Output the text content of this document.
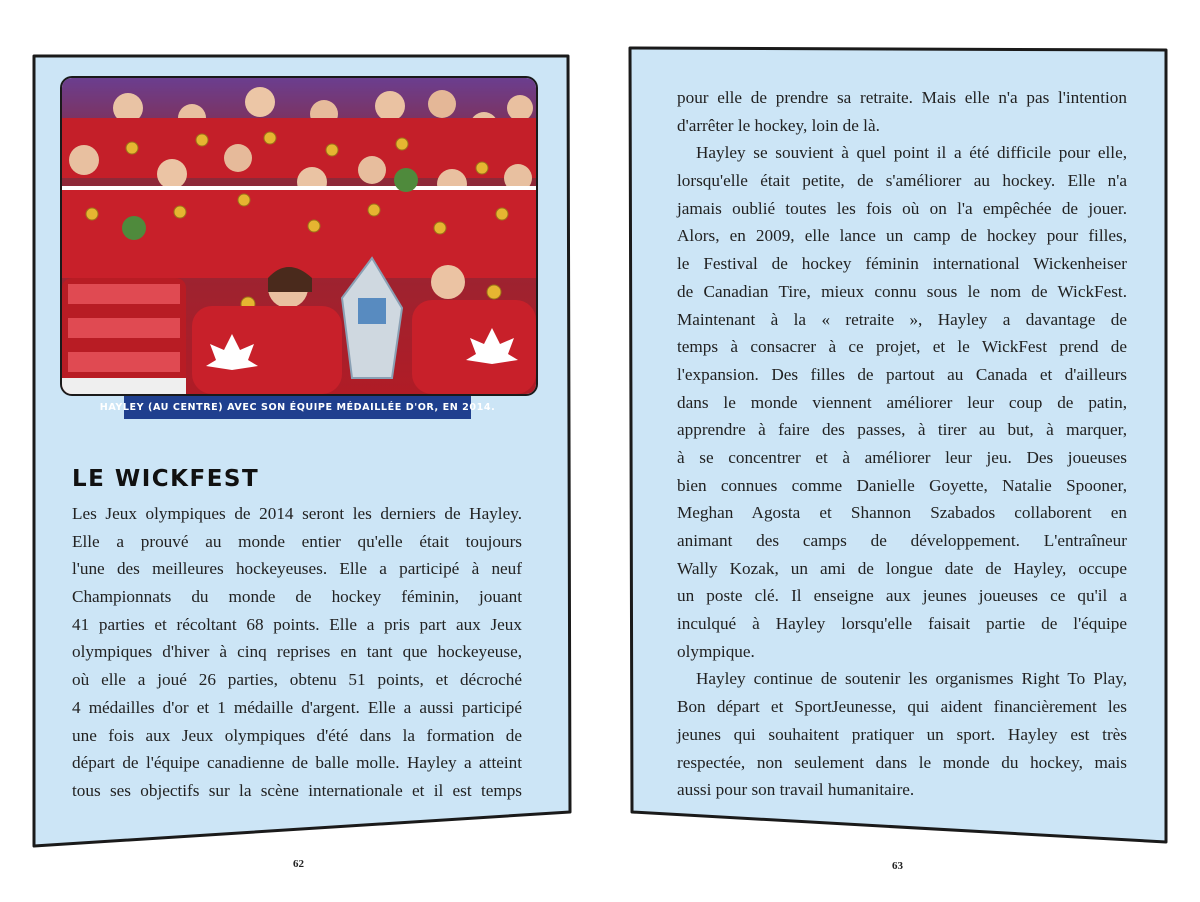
HAYLEY (AU CENTRE) AVEC SON ÉQUIPE MÉDAILLÉE D'OR, EN 2014.
LE WICKFEST
Les Jeux olympiques de 2014 seront les derniers de Hayley.
Elle a prouvé au monde entier qu'elle était toujours
l'une des meilleures hockeyeuses. Elle a participé à neuf
Championnats du monde de hockey féminin, jouant
41 parties et récoltant 68 points. Elle a pris part aux Jeux
olympiques d'hiver à cinq reprises en tant que hockeyeuse,
où elle a joué 26 parties, obtenu 51 points, et décroché
4 médailles d'or et 1 médaille d'argent. Elle a aussi participé
une fois aux Jeux olympiques d'été dans la formation de
départ de l'équipe canadienne de balle molle. Hayley a atteint
tous ses objectifs sur la scène internationale et il est temps
pour elle de prendre sa retraite. Mais elle n'a pas l'intention
d'arrêter le hockey, loin de là.
Hayley se souvient à quel point il a été difficile pour elle,
lorsqu'elle était petite, de s'améliorer au hockey. Elle n'a
jamais oublié toutes les fois où on l'a empêchée de jouer.
Alors, en 2009, elle lance un camp de hockey pour filles,
le Festival de hockey féminin international Wickenheiser
de Canadian Tire, mieux connu sous le nom de WickFest.
Maintenant à la « retraite », Hayley a davantage de
temps à consacrer à ce projet, et le WickFest prend de
l'expansion. Des filles de partout au Canada et d'ailleurs
dans le monde viennent améliorer leur coup de patin,
apprendre à faire des passes, à tirer au but, à marquer,
à se concentrer et à améliorer leur jeu. Des joueuses
bien connues comme Danielle Goyette, Natalie Spooner,
Meghan Agosta et Shannon Szabados collaborent en
animant des camps de développement. L'entraîneur
Wally Kozak, un ami de longue date de Hayley, occupe
un poste clé. Il enseigne aux jeunes joueuses ce qu'il a
inculqué à Hayley lorsqu'elle faisait partie de l'équipe
olympique.
Hayley continue de soutenir les organismes Right To Play,
Bon départ et SportJeunesse, qui aident financièrement les
jeunes qui souhaitent pratiquer un sport. Hayley est très
respectée, non seulement dans le monde du hockey, mais
aussi pour son travail humanitaire.
62	63
